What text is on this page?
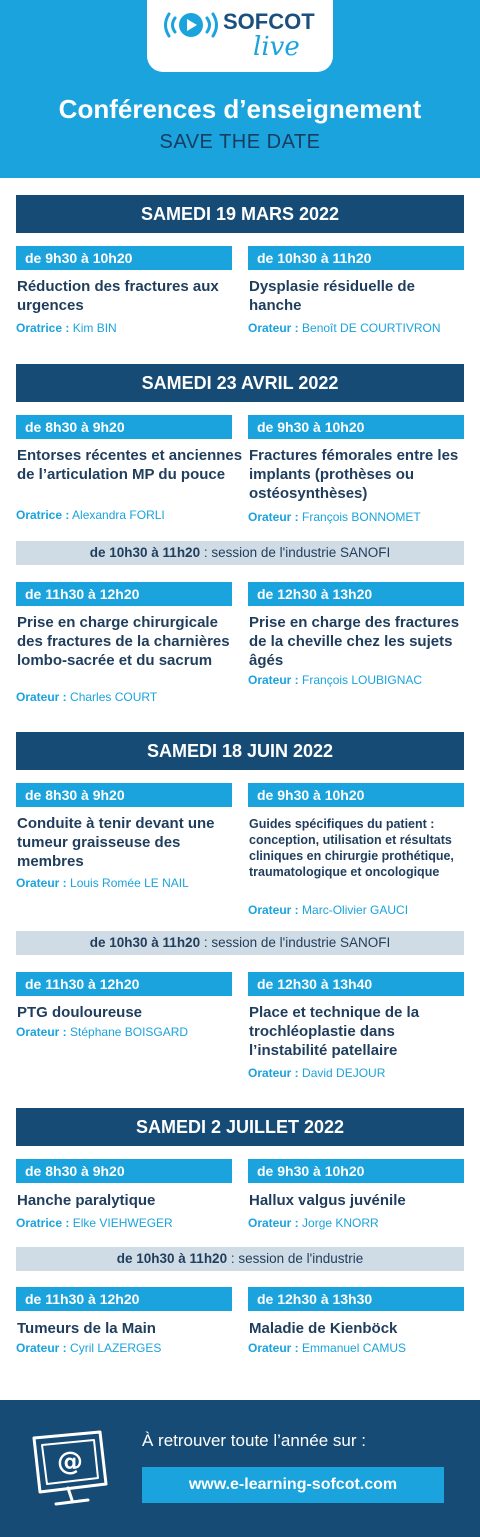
SOFCOT
live
Conférences d’enseignement
SAVE THE DATE
SAMEDI 19 MARS 2022
de 9h30 à 10h20	de 10h30 à 11h20
Réduction des fractures aux urgences
Dysplasie résiduelle de hanche
Oratrice : Kim BIN	Orateur : Benoît DE COURTIVRON
SAMEDI 23 AVRIL 2022
de 8h30 à 9h20	de 9h30 à 10h20
Entorses récentes et anciennes de l’articulation MP du pouce
Fractures fémorales entre les implants (prothèses ou ostéosynthèses)
Oratrice : Alexandra FORLI	Orateur : François BONNOMET
de 10h30 à 11h20 : session de l'industrie SANOFI
de 11h30 à 12h20	de 12h30 à 13h20
Prise en charge chirurgicale des fractures de la charnières lombo-sacrée et du sacrum
Prise en charge des fractures de la cheville chez les sujets âgés
Orateur : Charles COURT
Orateur : François LOUBIGNAC
SAMEDI 18 JUIN 2022
de 8h30 à 9h20	de 9h30 à 10h20
Conduite à tenir devant une tumeur graisseuse des membres
Guides spécifiques du patient : conception, utilisation et résultats cliniques en chirurgie prothétique, traumatologique et oncologique
Orateur : Louis Romée LE NAIL
Orateur : Marc-Olivier GAUCI
de 10h30 à 11h20 : session de l'industrie SANOFI
de 11h30 à 12h20	de 12h30 à 13h40
PTG douloureuse	Place et technique de la trochléoplastie dans l’instabilité patellaire
Orateur : Stéphane BOISGARD
Orateur : David DEJOUR
SAMEDI 2 JUILLET 2022
de 8h30 à 9h20	de 9h30 à 10h20
Hanche paralytique	Hallux valgus juvénile
Oratrice : Elke VIEHWEGER	Orateur : Jorge KNORR
de 10h30 à 11h20 : session de l'industrie
de 11h30 à 12h20	de 12h30 à 13h30
Tumeurs de la Main	Maladie de Kienböck
Orateur : Cyril LAZERGES	Orateur : Emmanuel CAMUS
@
À retrouver toute l’année sur :
www.e-learning-sofcot.com
